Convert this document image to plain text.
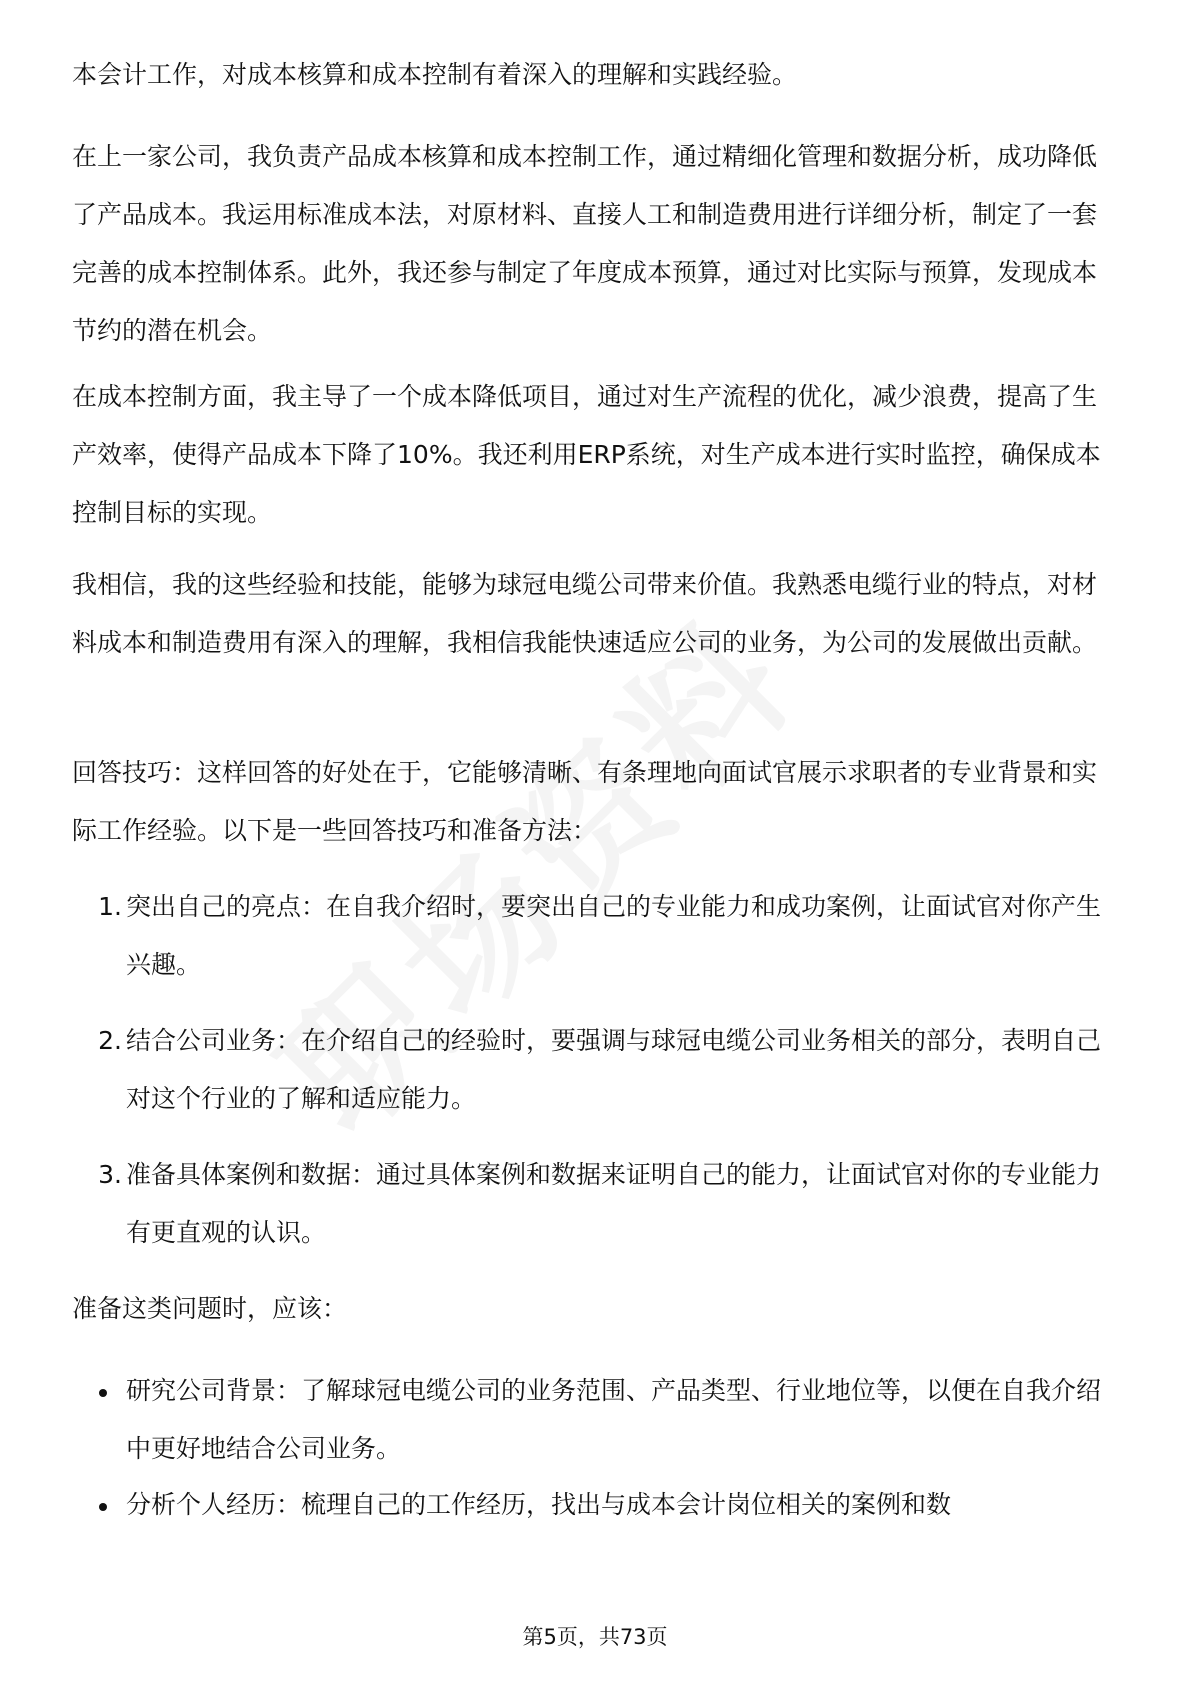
本会计工作，对成本核算和成本控制有着深入的理解和实践经验。

在上一家公司，我负责产品成本核算和成本控制工作，通过精细化管理和数据分析，成功降低了产品成本。我运用标准成本法，对原材料、直接人工和制造费用进行详细分析，制定了一套完善的成本控制体系。此外，我还参与制定了年度成本预算，通过对比实际与预算，发现成本节约的潜在机会。

在成本控制方面，我主导了一个成本降低项目，通过对生产流程的优化，减少浪费，提高了生产效率，使得产品成本下降了10%。我还利用ERP系统，对生产成本进行实时监控，确保成本控制目标的实现。

我相信，我的这些经验和技能，能够为球冠电缆公司带来价值。我熟悉电缆行业的特点，对材料成本和制造费用有深入的理解，我相信我能快速适应公司的业务，为公司的发展做出贡献。

回答技巧：这样回答的好处在于，它能够清晰、有条理地向面试官展示求职者的专业背景和实际工作经验。以下是一些回答技巧和准备方法：

1. 突出自己的亮点：在自我介绍时，要突出自己的专业能力和成功案例，让面试官对你产生兴趣。
2. 结合公司业务：在介绍自己的经验时，要强调与球冠电缆公司业务相关的部分，表明自己对这个行业的了解和适应能力。
3. 准备具体案例和数据：通过具体案例和数据来证明自己的能力，让面试官对你的专业能力有更直观的认识。

准备这类问题时，应该：

研究公司背景：了解球冠电缆公司的业务范围、产品类型、行业地位等，以便在自我介绍中更好地结合公司业务。
分析个人经历：梳理自己的工作经历，找出与成本会计岗位相关的案例和数
第5页，共73页
